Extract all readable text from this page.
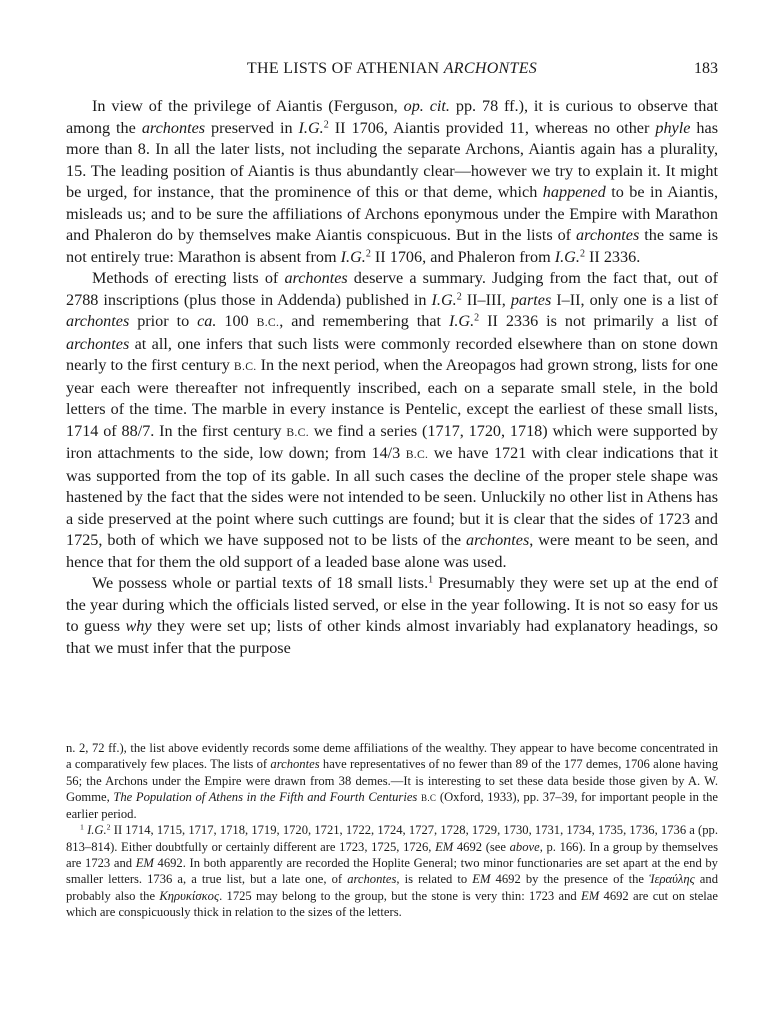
THE LISTS OF ATHENIAN ARCHONTES	183

In view of the privilege of Aiantis (Ferguson, op. cit. pp. 78 ff.), it is curious to observe that among the archontes preserved in I.G.$^2$ II 1706, Aiantis provided 11, whereas no other phyle has more than 8. In all the later lists, not including the separate Archons, Aiantis again has a plurality, 15. The leading position of Aiantis is thus abundantly clear—however we try to explain it. It might be urged, for instance, that the prominence of this or that deme, which happened to be in Aiantis, misleads us; and to be sure the affiliations of Archons eponymous under the Empire with Marathon and Phaleron do by themselves make Aiantis conspicuous. But in the lists of archontes the same is not entirely true: Marathon is absent from I.G.$^2$ II 1706, and Phaleron from I.G.$^2$ II 2336.

Methods of erecting lists of archontes deserve a summary. Judging from the fact that, out of 2788 inscriptions (plus those in Addenda) published in I.G.$^2$ II–III, partes I–II, only one is a list of archontes prior to ca. 100 B.C., and remembering that I.G.$^2$ II 2336 is not primarily a list of archontes at all, one infers that such lists were commonly recorded elsewhere than on stone down nearly to the first century B.C. In the next period, when the Areopagos had grown strong, lists for one year each were thereafter not infrequently inscribed, each on a separate small stele, in the bold letters of the time. The marble in every instance is Pentelic, except the earliest of these small lists, 1714 of 88/7. In the first century B.C. we find a series (1717, 1720, 1718) which were supported by iron attachments to the side, low down; from 14/3 B.C. we have 1721 with clear indications that it was supported from the top of its gable. In all such cases the decline of the proper stele shape was hastened by the fact that the sides were not intended to be seen. Unluckily no other list in Athens has a side preserved at the point where such cuttings are found; but it is clear that the sides of 1723 and 1725, both of which we have supposed not to be lists of the archontes, were meant to be seen, and hence that for them the old support of a leaded base alone was used.

We possess whole or partial texts of 18 small lists.$^1$ Presumably they were set up at the end of the year during which the officials listed served, or else in the year following. It is not so easy for us to guess why they were set up; lists of other kinds almost invariably had explanatory headings, so that we must infer that the purpose

n. 2, 72 ff.), the list above evidently records some deme affiliations of the wealthy. They appear to have become concentrated in a comparatively few places. The lists of archontes have representatives of no fewer than 89 of the 177 demes, 1706 alone having 56; the Archons under the Empire were drawn from 38 demes.—It is interesting to set these data beside those given by A. W. Gomme, The Population of Athens in the Fifth and Fourth Centuries B.C (Oxford, 1933), pp. 37–39, for important people in the earlier period.

$^1$ I.G.$^2$ II 1714, 1715, 1717, 1718, 1719, 1720, 1721, 1722, 1724, 1727, 1728, 1729, 1730, 1731, 1734, 1735, 1736, 1736 a (pp. 813–814). Either doubtfully or certainly different are 1723, 1725, 1726, EM 4692 (see above, p. 166). In a group by themselves are 1723 and EM 4692. In both apparently are recorded the Hoplite General; two minor functionaries are set apart at the end by smaller letters. 1736 a, a true list, but a late one, of archontes, is related to EM 4692 by the presence of the Ἱεραύλης and probably also the Κηρυκίσκος. 1725 may belong to the group, but the stone is very thin: 1723 and EM 4692 are cut on stelae which are conspicuously thick in relation to the sizes of the letters.
